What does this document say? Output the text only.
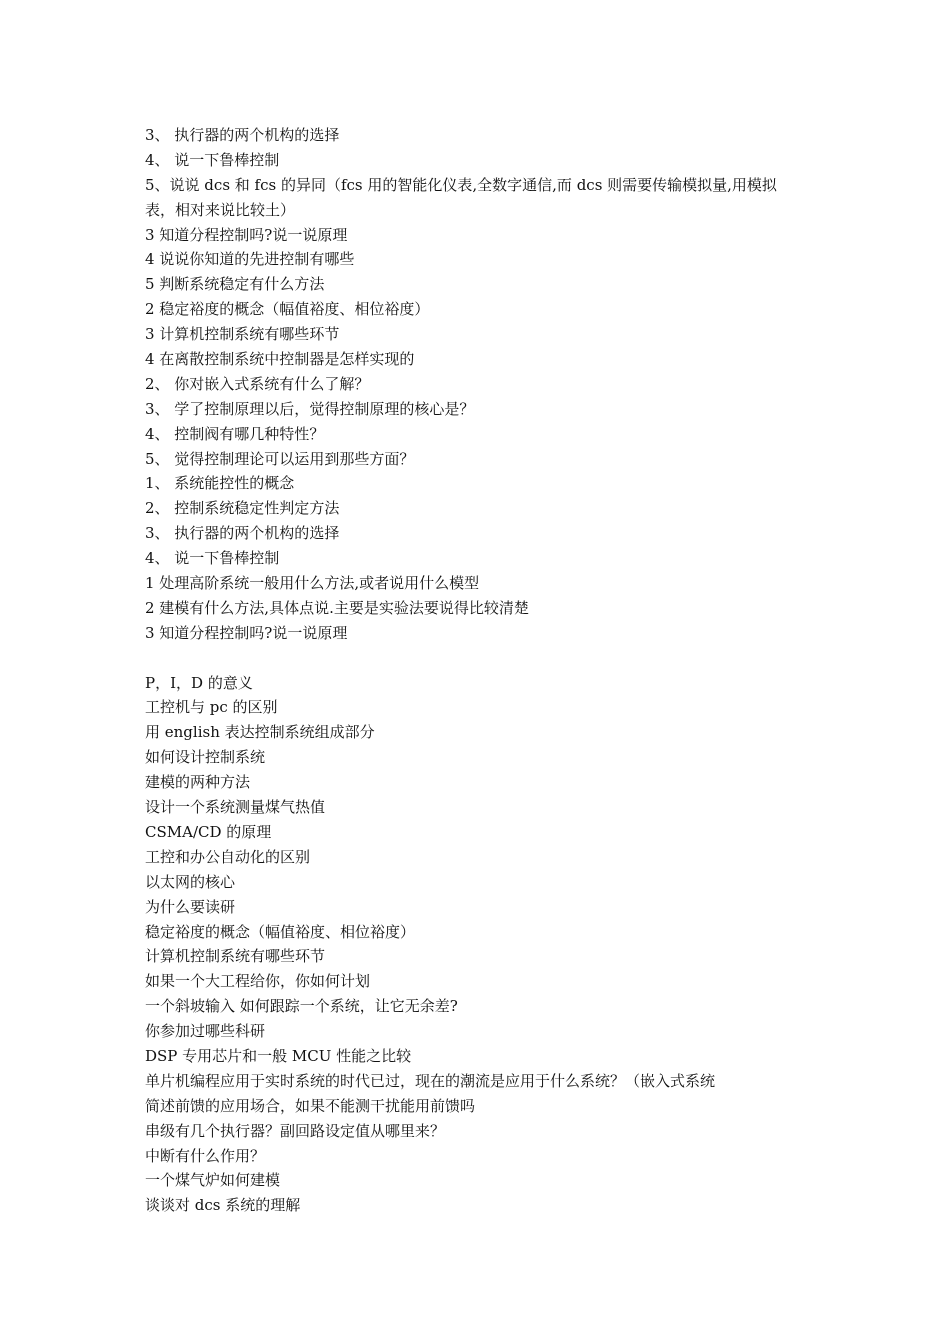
3、 执行器的两个机构的选择
4、 说一下鲁棒控制
5、说说 dcs 和 fcs 的异同（fcs 用的智能化仪表,全数字通信,而 dcs 则需要传输模拟量,用模拟
表，相对来说比较土）
3 知道分程控制吗?说一说原理
4 说说你知道的先进控制有哪些
5 判断系统稳定有什么方法
2 稳定裕度的概念（幅值裕度、相位裕度）
3 计算机控制系统有哪些环节
4 在离散控制系统中控制器是怎样实现的
2、 你对嵌入式系统有什么了解？
3、 学了控制原理以后，觉得控制原理的核心是？
4、 控制阀有哪几种特性？
5、 觉得控制理论可以运用到那些方面？
1、 系统能控性的概念
2、 控制系统稳定性判定方法
3、 执行器的两个机构的选择
4、 说一下鲁棒控制
1 处理高阶系统一般用什么方法,或者说用什么模型
2 建模有什么方法,具体点说.主要是实验法要说得比较清楚
3 知道分程控制吗?说一说原理
P，I，D 的意义
工控机与 pc 的区别
用 english 表达控制系统组成部分
如何设计控制系统
建模的两种方法
设计一个系统测量煤气热值
CSMA/CD 的原理
工控和办公自动化的区别
以太网的核心
为什么要读研
稳定裕度的概念（幅值裕度、相位裕度）
计算机控制系统有哪些环节
如果一个大工程给你，你如何计划
一个斜坡输入 如何跟踪一个系统，让它无余差?
你参加过哪些科研
DSP 专用芯片和一般 MCU 性能之比较
单片机编程应用于实时系统的时代已过，现在的潮流是应用于什么系统？（嵌入式系统
简述前馈的应用场合，如果不能测干扰能用前馈吗
串级有几个执行器？副回路设定值从哪里来？
中断有什么作用？
一个煤气炉如何建模
谈谈对 dcs 系统的理解
